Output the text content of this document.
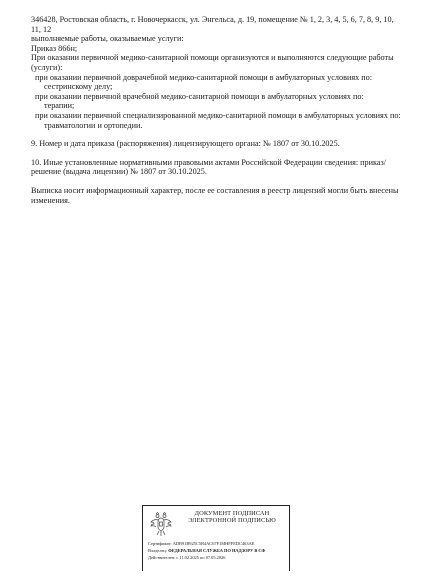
346428, Ростовская область, г. Новочеркасск, ул. Энгельса, д. 19, помещение № 1, 2, 3, 4, 5, 6, 7, 8, 9, 10, 11, 12

выполняемые работы, оказываемые услуги:

Приказ 866н;

При оказании первичной медико-санитарной помощи организуются и выполняются следующие работы (услуги):

при оказании первичной доврачебной медико-санитарной помощи в амбулаторных условиях по:

сестринскому делу;

при оказании первичной врачебной медико-санитарной помощи в амбулаторных условиях по:

терапии;

при оказании первичной специализированной медико-санитарной помощи в амбулаторных условиях по:

травматологии и ортопедии.

9. Номер и дата приказа (распоряжения) лицензирующего органа: № 1807 от 30.10.2025.

10. Иные установленные нормативными правовыми актами Российской Федерации сведения: приказ/решение (выдача лицензии) № 1807 от 30.10.2025.

Выписка носит информационный характер, после ее составления в реестр лицензий могли быть внесены изменения.

ДОКУМЕНТ ПОДПИСАН
ЭЛЕКТРОННОЙ ПОДПИСЬЮ
Сертификат: ADB91B925C5B4AC67F1MHFFEDC463AE
Владелец: ФЕДЕРАЛЬНАЯ СЛУЖБА ПО НАДЗОРУ В СФ
Действителен: с 11.02.2025 по 07.05.2026
